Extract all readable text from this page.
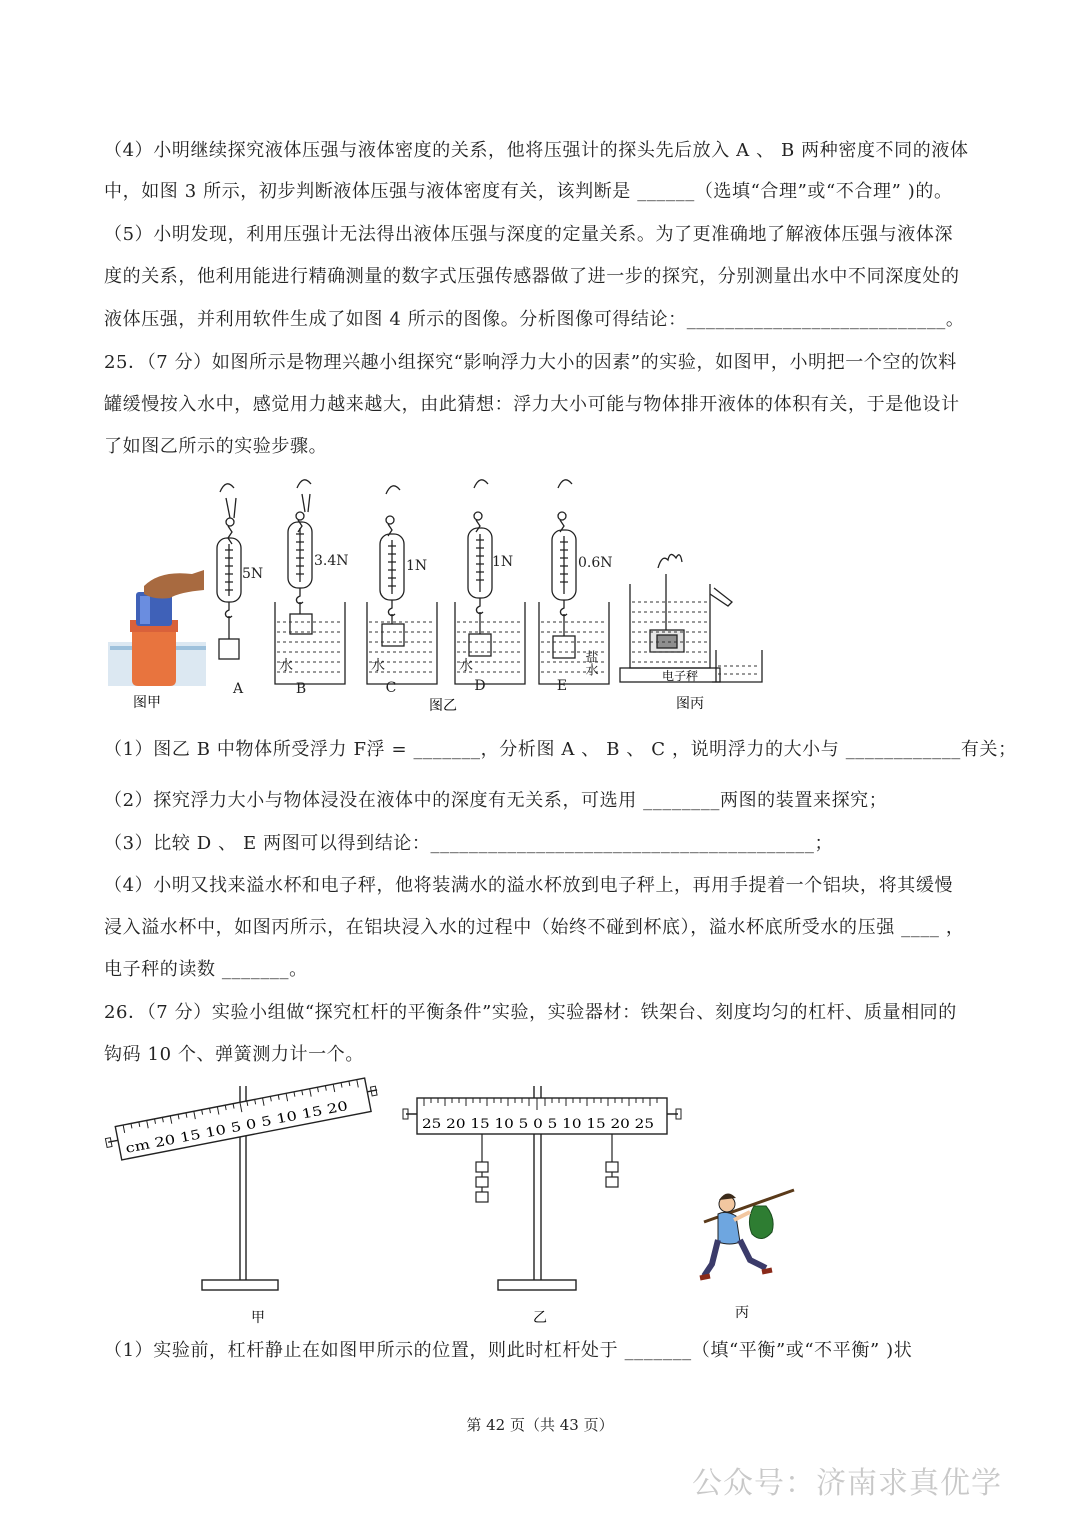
（4）小明继续探究液体压强与液体密度的关系，他将压强计的探头先后放入 A 、 B 两种密度不同的液体
中，如图 3 所示，初步判断液体压强与液体密度有关，该判断是 ______（选填“合理”或“不合理” )的。
（5）小明发现，利用压强计无法得出液体压强与深度的定量关系。为了更准确地了解液体压强与液体深
度的关系，他利用能进行精确测量的数字式压强传感器做了进一步的探究，分别测量出水中不同深度处的
液体压强，并利用软件生成了如图 4 所示的图像。分析图像可得结论：___________________________。
25．（7 分）如图所示是物理兴趣小组探究“影响浮力大小的因素”的实验，如图甲，小明把一个空的饮料
罐缓慢按入水中，感觉用力越来越大，由此猜想：浮力大小可能与物体排开液体的体积有关，于是他设计
了如图乙所示的实验步骤。
图甲
5N
3.4N	1N	1N	0.6N
水	水	水	盐水
A	B	C	D	E
图乙
电子秤
图丙
（1）图乙 B 中物体所受浮力 F浮 = _______，分析图 A 、 B 、 C ，说明浮力的大小与 ____________有关；
（2）探究浮力大小与物体浸没在液体中的深度有无关系，可选用 ________两图的装置来探究；
（3）比较 D 、 E 两图可以得到结论：________________________________________；
（4）小明又找来溢水杯和电子秤，他将装满水的溢水杯放到电子秤上，再用手提着一个铝块，将其缓慢
浸入溢水杯中，如图丙所示，在铝块浸入水的过程中（始终不碰到杯底），溢水杯底所受水的压强 ____ ，
电子秤的读数 _______。
26．（7 分）实验小组做“探究杠杆的平衡条件”实验，实验器材：铁架台、刻度均匀的杠杆、质量相同的
钩码 10 个、弹簧测力计一个。
cm 20 15 10 5 0 5 10 15 20
甲
25 20 15 10 5 0 5 10 15 20 25
乙	丙
（1）实验前，杠杆静止在如图甲所示的位置，则此时杠杆处于 _______（填“平衡”或“不平衡” )状
第 42 页（共 43 页）
公众号：济南求真优学
